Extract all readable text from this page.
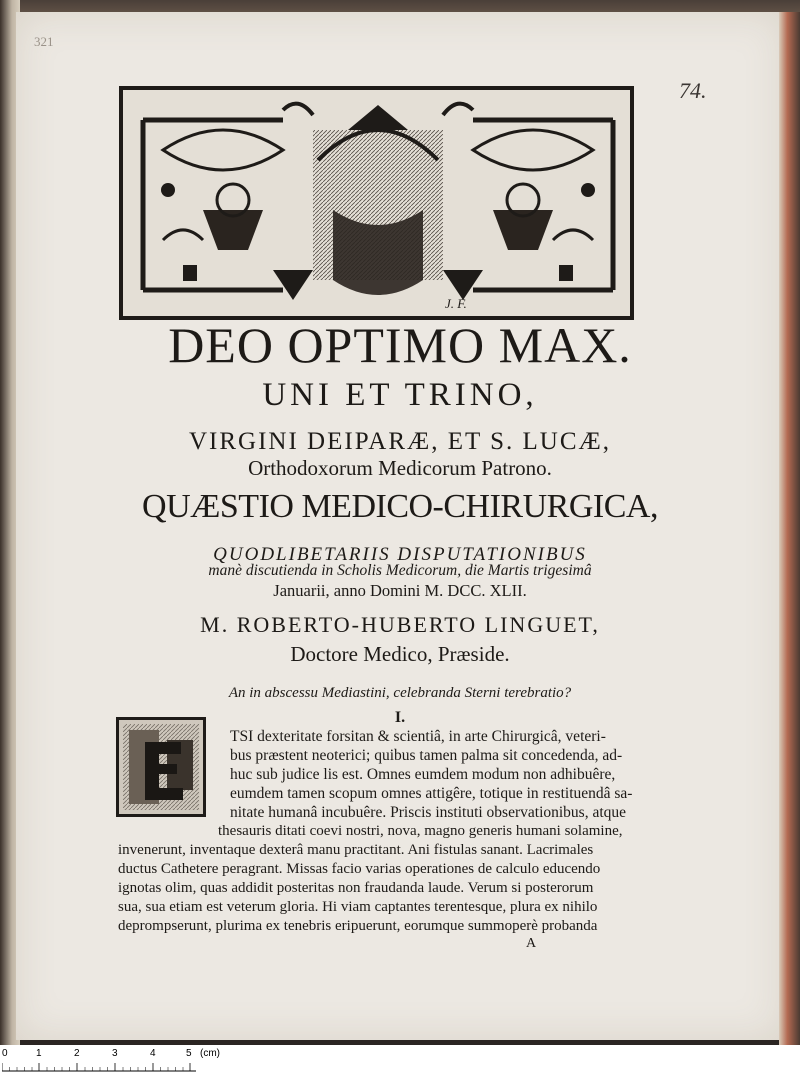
321

74.

J. F.

DEO OPTIMO MAX.

UNI ET TRINO,

VIRGINI DEIPARÆ, ET S. LUCÆ,

Orthodoxorum Medicorum Patrono.

QUÆSTIO MEDICO-CHIRURGICA,

QUODLIBETARIIS DISPUTATIONIBUS

manè discutienda in Scholis Medicorum, die Martis trigesimâ

Januarii, anno Domini M. DCC. XLII.

M. ROBERTO-HUBERTO LINGUET,

Doctore Medico, Præside.

An in abscessu Mediastini, celebranda Sterni terebratio?

I.

TSI dexteritate forsitan & scientiâ, in arte Chirurgicâ, veteri-

bus præstent neoterici; quibus tamen palma sit concedenda, ad-

huc sub judice lis est. Omnes eumdem modum non adhibuêre,

eumdem tamen scopum omnes attigêre, totique in restituendâ sa-

nitate humanâ incubuêre. Priscis instituti observationibus, atque

thesauris ditati coevi nostri, nova, magno generis humani solamine,

invenerunt, inventaque dexterâ manu practitant. Ani fistulas sanant. Lacrimales

ductus Cathetere peragrant. Missas facio varias operationes de calculo educendo

ignotas olim, quas addidit posteritas non fraudanda laude. Verum si posterorum

sua, sua etiam est veterum gloria. Hi viam captantes terentesque, plura ex nihilo

deprompserunt, plurima ex tenebris eripuerunt, eorumque summoperè probanda

A

0	1	2	3	4	5 (cm)
